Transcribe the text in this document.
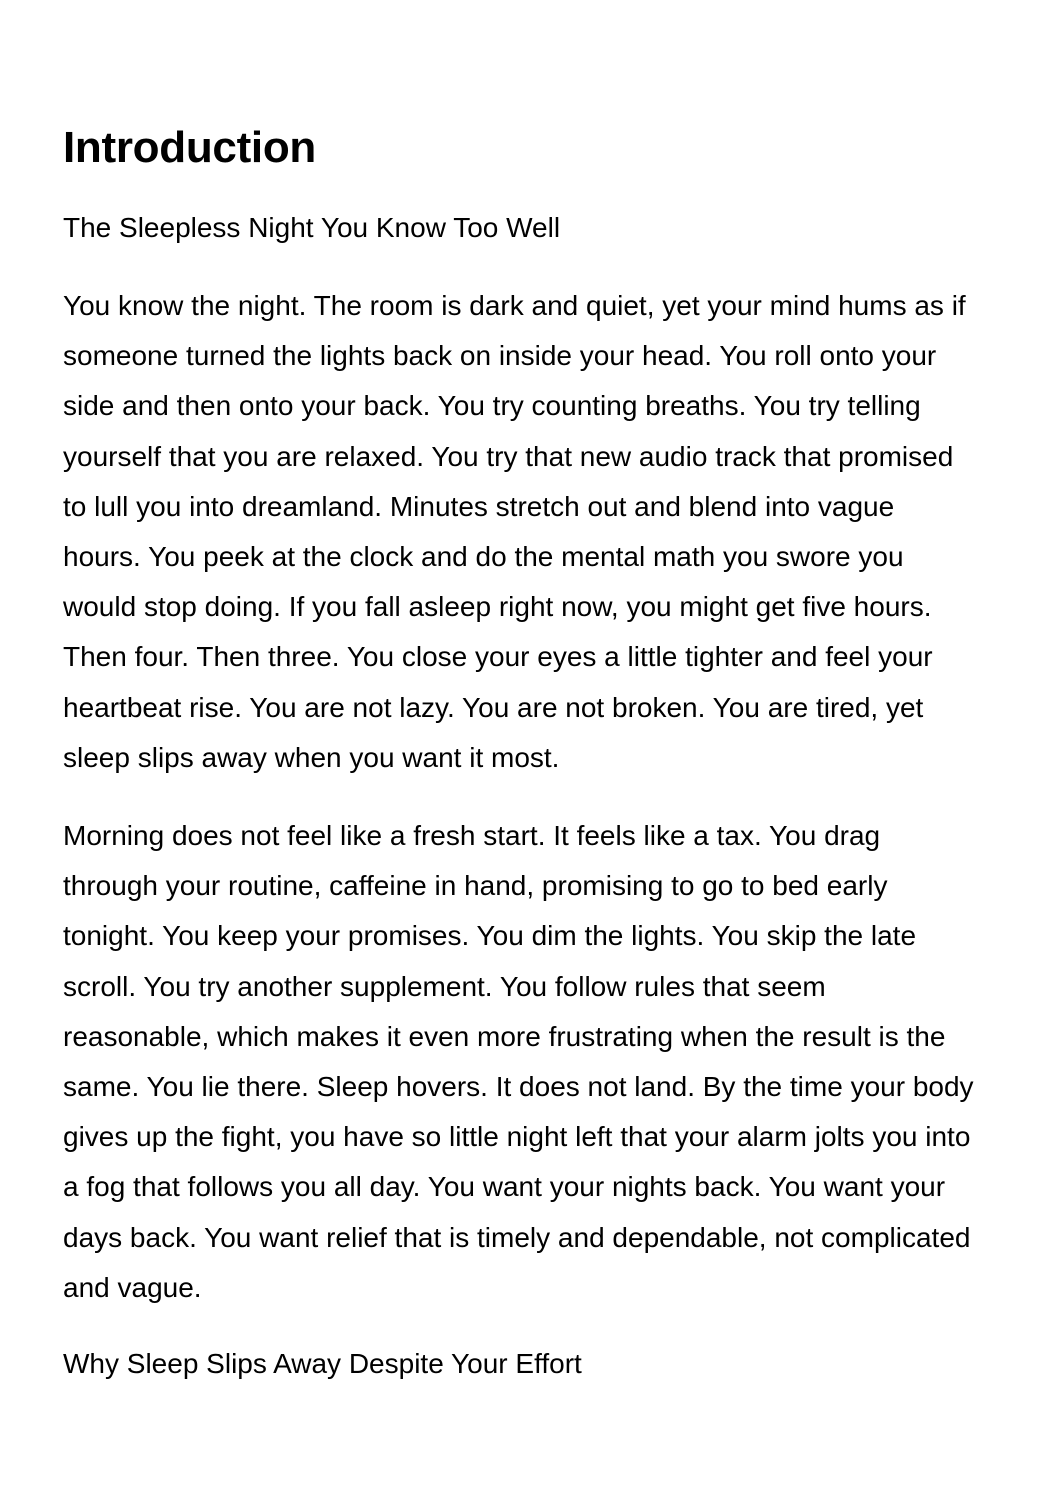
Introduction
The Sleepless Night You Know Too Well

You know the night. The room is dark and quiet, yet your mind hums as if
someone turned the lights back on inside your head. You roll onto your
side and then onto your back. You try counting breaths. You try telling
yourself that you are relaxed. You try that new audio track that promised
to lull you into dreamland. Minutes stretch out and blend into vague
hours. You peek at the clock and do the mental math you swore you
would stop doing. If you fall asleep right now, you might get five hours.
Then four. Then three. You close your eyes a little tighter and feel your
heartbeat rise. You are not lazy. You are not broken. You are tired, yet
sleep slips away when you want it most.

Morning does not feel like a fresh start. It feels like a tax. You drag
through your routine, caffeine in hand, promising to go to bed early
tonight. You keep your promises. You dim the lights. You skip the late
scroll. You try another supplement. You follow rules that seem
reasonable, which makes it even more frustrating when the result is the
same. You lie there. Sleep hovers. It does not land. By the time your body
gives up the fight, you have so little night left that your alarm jolts you into
a fog that follows you all day. You want your nights back. You want your
days back. You want relief that is timely and dependable, not complicated
and vague.

Why Sleep Slips Away Despite Your Effort
